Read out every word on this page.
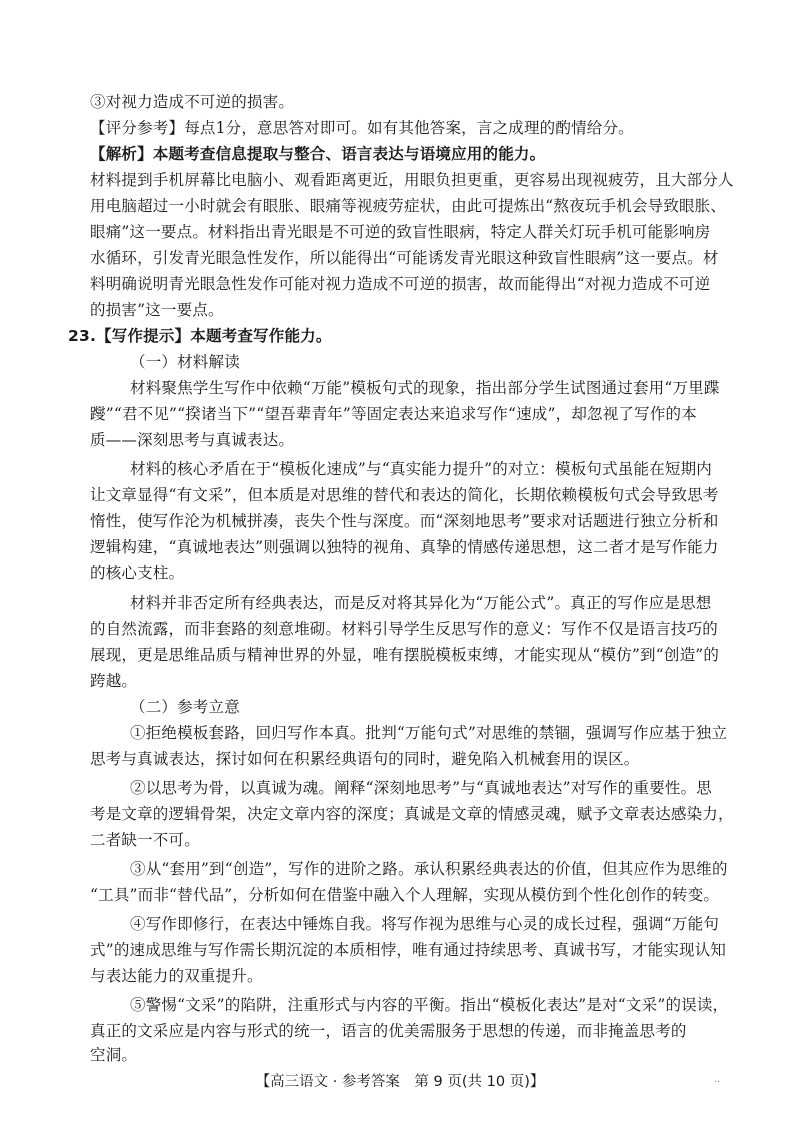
③对视力造成不可逆的损害。
【评分参考】每点1分，意思答对即可。如有其他答案，言之成理的酌情给分。
【解析】本题考查信息提取与整合、语言表达与语境应用的能力。
材料提到手机屏幕比电脑小、观看距离更近，用眼负担更重，更容易出现视疲劳，且大部分人
用电脑超过一小时就会有眼胀、眼痛等视疲劳症状，由此可提炼出“熬夜玩手机会导致眼胀、
眼痛”这一要点。材料指出青光眼是不可逆的致盲性眼病，特定人群关灯玩手机可能影响房
水循环，引发青光眼急性发作，所以能得出“可能诱发青光眼这种致盲性眼病”这一要点。材
料明确说明青光眼急性发作可能对视力造成不可逆的损害，故而能得出“对视力造成不可逆
的损害”这一要点。
23.【写作提示】本题考查写作能力。
（一）材料解读
材料聚焦学生写作中依赖“万能”模板句式的现象，指出部分学生试图通过套用“万里蹀
躞”“君不见”“揆诸当下”“望吾辈青年”等固定表达来追求写作“速成”，却忽视了写作的本
质——深刻思考与真诚表达。
材料的核心矛盾在于“模板化速成”与“真实能力提升”的对立：模板句式虽能在短期内
让文章显得“有文采”，但本质是对思维的替代和表达的简化，长期依赖模板句式会导致思考
惰性，使写作沦为机械拼凑，丧失个性与深度。而“深刻地思考”要求对话题进行独立分析和
逻辑构建，“真诚地表达”则强调以独特的视角、真挚的情感传递思想，这二者才是写作能力
的核心支柱。
材料并非否定所有经典表达，而是反对将其异化为“万能公式”。真正的写作应是思想
的自然流露，而非套路的刻意堆砌。材料引导学生反思写作的意义：写作不仅是语言技巧的
展现，更是思维品质与精神世界的外显，唯有摆脱模板束缚，才能实现从“模仿”到“创造”的
跨越。
（二）参考立意
①拒绝模板套路，回归写作本真。批判“万能句式”对思维的禁锢，强调写作应基于独立
思考与真诚表达，探讨如何在积累经典语句的同时，避免陷入机械套用的误区。
②以思考为骨，以真诚为魂。阐释“深刻地思考”与“真诚地表达”对写作的重要性。思
考是文章的逻辑骨架，决定文章内容的深度；真诚是文章的情感灵魂，赋予文章表达感染力，
二者缺一不可。
③从“套用”到“创造”，写作的进阶之路。承认积累经典表达的价值，但其应作为思维的
“工具”而非“替代品”，分析如何在借鉴中融入个人理解，实现从模仿到个性化创作的转变。
④写作即修行，在表达中锤炼自我。将写作视为思维与心灵的成长过程，强调“万能句
式”的速成思维与写作需长期沉淀的本质相悖，唯有通过持续思考、真诚书写，才能实现认知
与表达能力的双重提升。
⑤警惕“文采”的陷阱，注重形式与内容的平衡。指出“模板化表达”是对“文采”的误读，
真正的文采应是内容与形式的统一，语言的优美需服务于思想的传递，而非掩盖思考的
空洞。
【高三语文 · 参考答案　第 9 页(共 10 页)】	..
